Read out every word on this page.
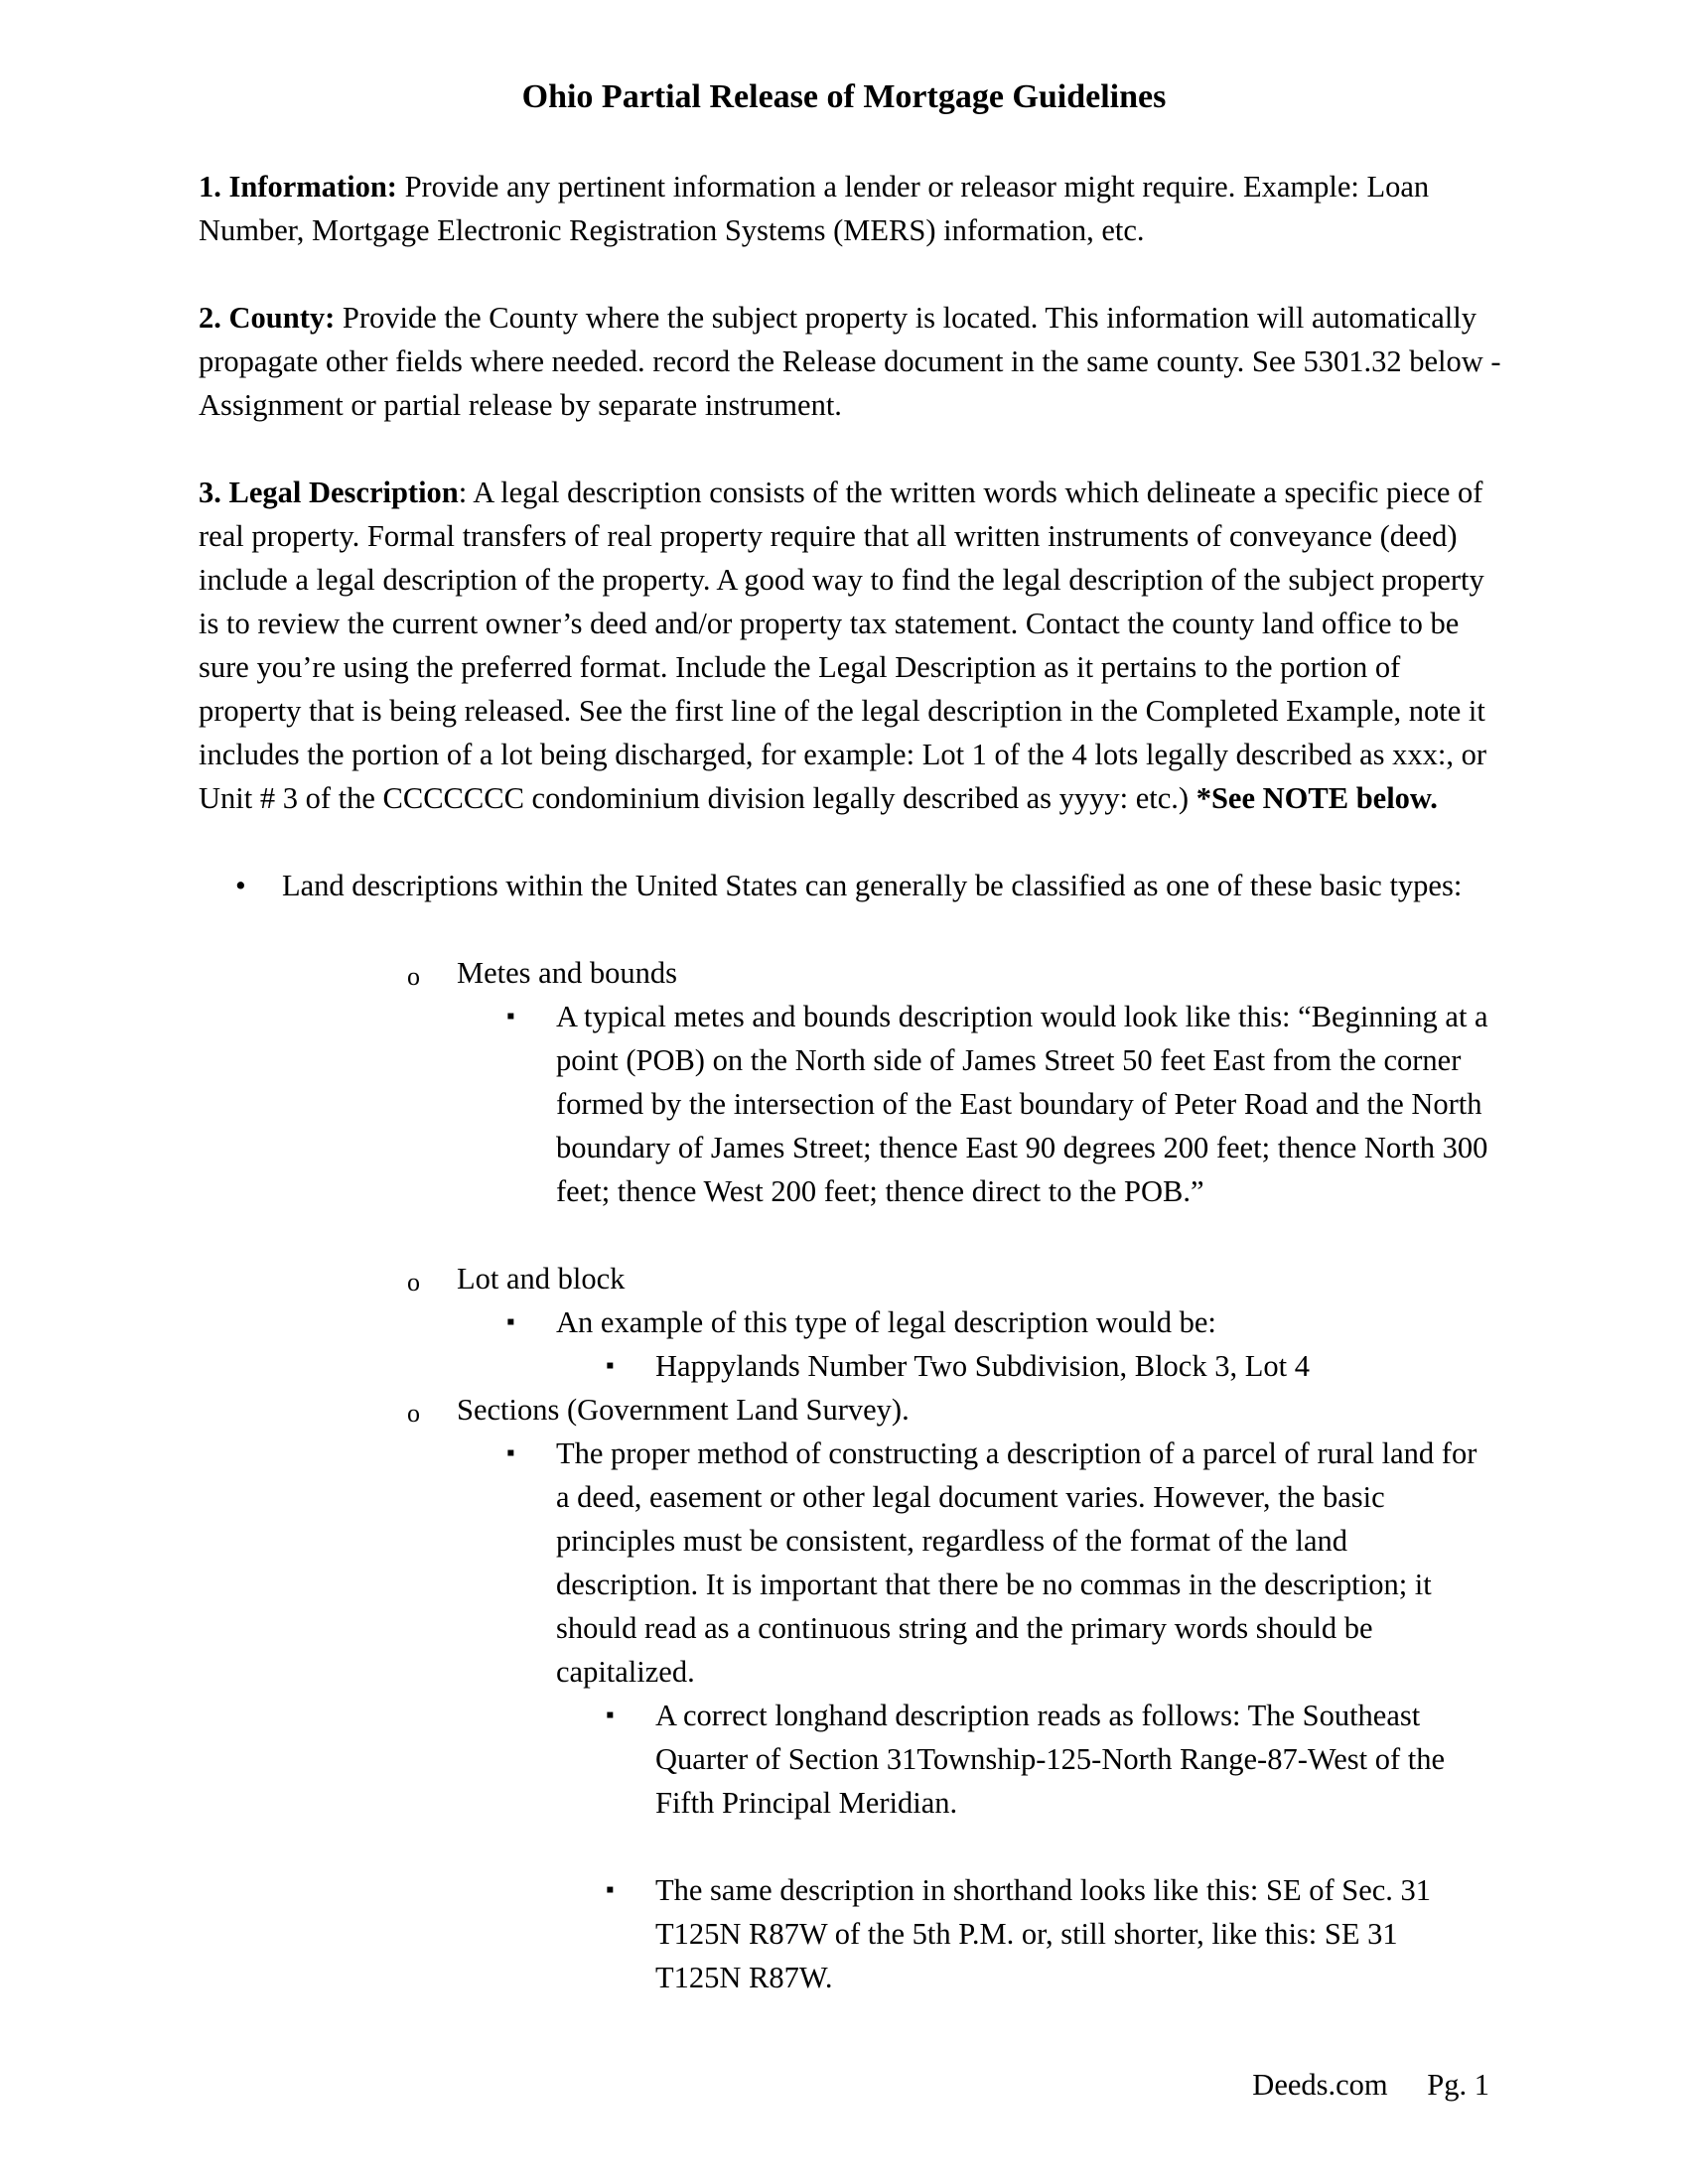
Ohio Partial Release of Mortgage Guidelines
1. Information: Provide any pertinent information a lender or releasor might require. Example: Loan Number, Mortgage Electronic Registration Systems (MERS) information, etc.
2. County: Provide the County where the subject property is located. This information will automatically propagate other fields where needed. record the Release document in the same county. See 5301.32 below - Assignment or partial release by separate instrument.
3. Legal Description: A legal description consists of the written words which delineate a specific piece of real property. Formal transfers of real property require that all written instruments of conveyance (deed) include a legal description of the property. A good way to find the legal description of the subject property is to review the current owner’s deed and/or property tax statement. Contact the county land office to be sure you’re using the preferred format. Include the Legal Description as it pertains to the portion of property that is being released. See the first line of the legal description in the Completed Example, note it includes the portion of a lot being discharged, for example: Lot 1 of the 4 lots legally described as xxx:, or Unit # 3 of the CCCCCCC condominium division legally described as yyyy: etc.) *See NOTE below.
• Land descriptions within the United States can generally be classified as one of these basic types:
o Metes and bounds
▪ A typical metes and bounds description would look like this: “Beginning at a point (POB) on the North side of James Street 50 feet East from the corner formed by the intersection of the East boundary of Peter Road and the North boundary of James Street; thence East 90 degrees 200 feet; thence North 300 feet; thence West 200 feet; thence direct to the POB.”
o Lot and block
▪ An example of this type of legal description would be:
▪ Happylands Number Two Subdivision, Block 3, Lot 4
o Sections (Government Land Survey).
▪ The proper method of constructing a description of a parcel of rural land for a deed, easement or other legal document varies. However, the basic principles must be consistent, regardless of the format of the land description. It is important that there be no commas in the description; it should read as a continuous string and the primary words should be capitalized.
▪ A correct longhand description reads as follows: The Southeast Quarter of Section 31Township-125-North Range-87-West of the Fifth Principal Meridian.
▪ The same description in shorthand looks like this: SE of Sec. 31 T125N R87W of the 5th P.M. or, still shorter, like this: SE 31 T125N R87W.
Deeds.com Pg. 1
